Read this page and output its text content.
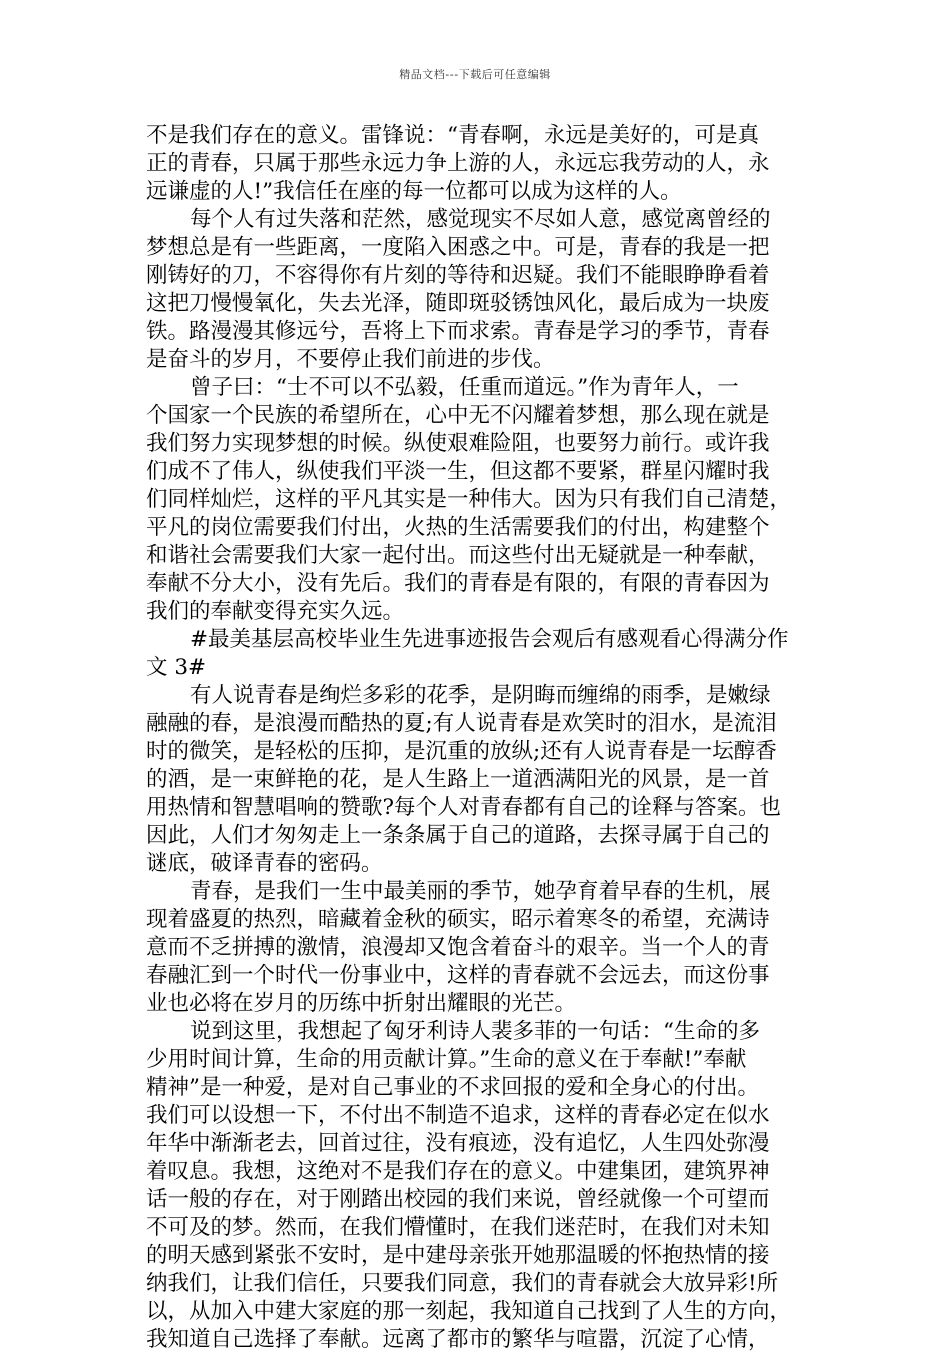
精品文档---下载后可任意编辑
不是我们存在的意义。雷锋说：“青春啊，永远是美好的，可是真
正的青春，只属于那些永远力争上游的人，永远忘我劳动的人，永
远谦虚的人!”我信任在座的每一位都可以成为这样的人。
每个人有过失落和茫然，感觉现实不尽如人意，感觉离曾经的
梦想总是有一些距离，一度陷入困惑之中。可是，青春的我是一把
刚铸好的刀，不容得你有片刻的等待和迟疑。我们不能眼睁睁看着
这把刀慢慢氧化，失去光泽，随即斑驳锈蚀风化，最后成为一块废
铁。路漫漫其修远兮，吾将上下而求索。青春是学习的季节，青春
是奋斗的岁月，不要停止我们前进的步伐。
曾子曰：“士不可以不弘毅，任重而道远。”作为青年人，一
个国家一个民族的希望所在，心中无不闪耀着梦想，那么现在就是
我们努力实现梦想的时候。纵使艰难险阻，也要努力前行。或许我
们成不了伟人，纵使我们平淡一生，但这都不要紧，群星闪耀时我
们同样灿烂，这样的平凡其实是一种伟大。因为只有我们自己清楚，
平凡的岗位需要我们付出，火热的生活需要我们的付出，构建整个
和谐社会需要我们大家一起付出。而这些付出无疑就是一种奉献，
奉献不分大小，没有先后。我们的青春是有限的，有限的青春因为
我们的奉献变得充实久远。
#最美基层高校毕业生先进事迹报告会观后有感观看心得满分作
文 3#
有人说青春是绚烂多彩的花季，是阴晦而缠绵的雨季，是嫩绿
融融的春，是浪漫而酷热的夏;有人说青春是欢笑时的泪水，是流泪
时的微笑，是轻松的压抑，是沉重的放纵;还有人说青春是一坛醇香
的酒，是一束鲜艳的花，是人生路上一道洒满阳光的风景，是一首
用热情和智慧唱响的赞歌?每个人对青春都有自己的诠释与答案。也
因此，人们才匆匆走上一条条属于自己的道路，去探寻属于自己的
谜底，破译青春的密码。
青春，是我们一生中最美丽的季节，她孕育着早春的生机，展
现着盛夏的热烈，暗藏着金秋的硕实，昭示着寒冬的希望，充满诗
意而不乏拼搏的激情，浪漫却又饱含着奋斗的艰辛。当一个人的青
春融汇到一个时代一份事业中，这样的青春就不会远去，而这份事
业也必将在岁月的历练中折射出耀眼的光芒。
说到这里，我想起了匈牙利诗人裴多菲的一句话：“生命的多
少用时间计算，生命的用贡献计算。”生命的意义在于奉献!”奉献
精神”是一种爱，是对自己事业的不求回报的爱和全身心的付出。
我们可以设想一下，不付出不制造不追求，这样的青春必定在似水
年华中渐渐老去，回首过往，没有痕迹，没有追忆，人生四处弥漫
着叹息。我想，这绝对不是我们存在的意义。中建集团，建筑界神
话一般的存在，对于刚踏出校园的我们来说，曾经就像一个可望而
不可及的梦。然而，在我们懵懂时，在我们迷茫时，在我们对未知
的明天感到紧张不安时，是中建母亲张开她那温暖的怀抱热情的接
纳我们，让我们信任，只要我们同意，我们的青春就会大放异彩!所
以，从加入中建大家庭的那一刻起，我知道自己找到了人生的方向，
我知道自己选择了奉献。远离了都市的繁华与喧嚣，沉淀了心情，
